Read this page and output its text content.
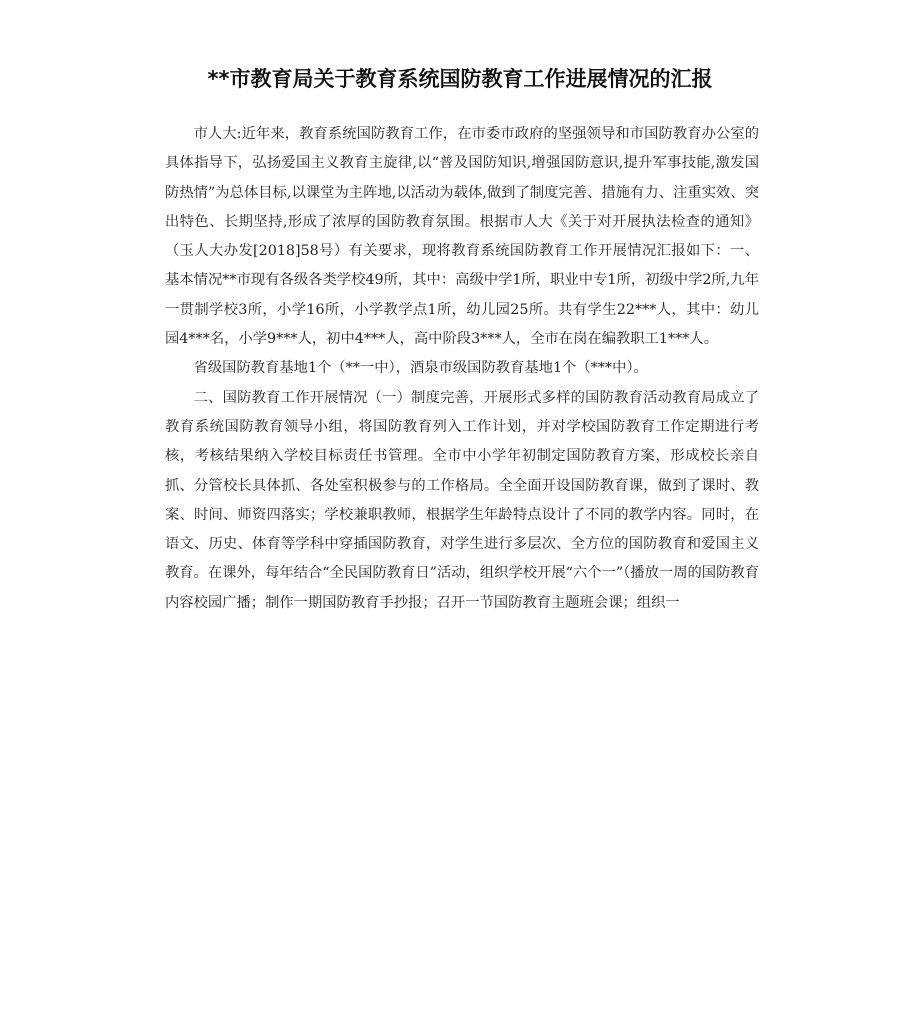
**市教育局关于教育系统国防教育工作进展情况的汇报

市人大:近年来，教育系统国防教育工作，在市委市政府的坚强领导和市国防教育办公室的具体指导下，弘扬爱国主义教育主旋律,以“普及国防知识,增强国防意识,提升军事技能,激发国防热情”为总体目标,以课堂为主阵地,以活动为载体,做到了制度完善、措施有力、注重实效、突出特色、长期坚持,形成了浓厚的国防教育氛围。根据市人大《关于对开展执法检查的通知》（玉人大办发[2018]58号）有关要求，现将教育系统国防教育工作开展情况汇报如下：一、基本情况**市现有各级各类学校49所，其中：高级中学1所，职业中专1所，初级中学2所,九年一贯制学校3所，小学16所，小学教学点1所，幼儿园25所。共有学生22***人，其中：幼儿园4***名，小学9***人，初中4***人，高中阶段3***人，全市在岗在编教职工1***人。

省级国防教育基地1个（**一中），酒泉市级国防教育基地1个（***中）。

二、国防教育工作开展情况（一）制度完善，开展形式多样的国防教育活动教育局成立了教育系统国防教育领导小组，将国防教育列入工作计划，并对学校国防教育工作定期进行考核，考核结果纳入学校目标责任书管理。全市中小学年初制定国防教育方案，形成校长亲自抓、分管校长具体抓、各处室积极参与的工作格局。全全面开设国防教育课，做到了课时、教案、时间、师资四落实；学校兼职教师，根据学生年龄特点设计了不同的教学内容。同时，在语文、历史、体育等学科中穿插国防教育，对学生进行多层次、全方位的国防教育和爱国主义教育。在课外，每年结合“全民国防教育日”活动，组织学校开展“六个一”（播放一周的国防教育内容校园广播；制作一期国防教育手抄报；召开一节国防教育主题班会课；组织一
